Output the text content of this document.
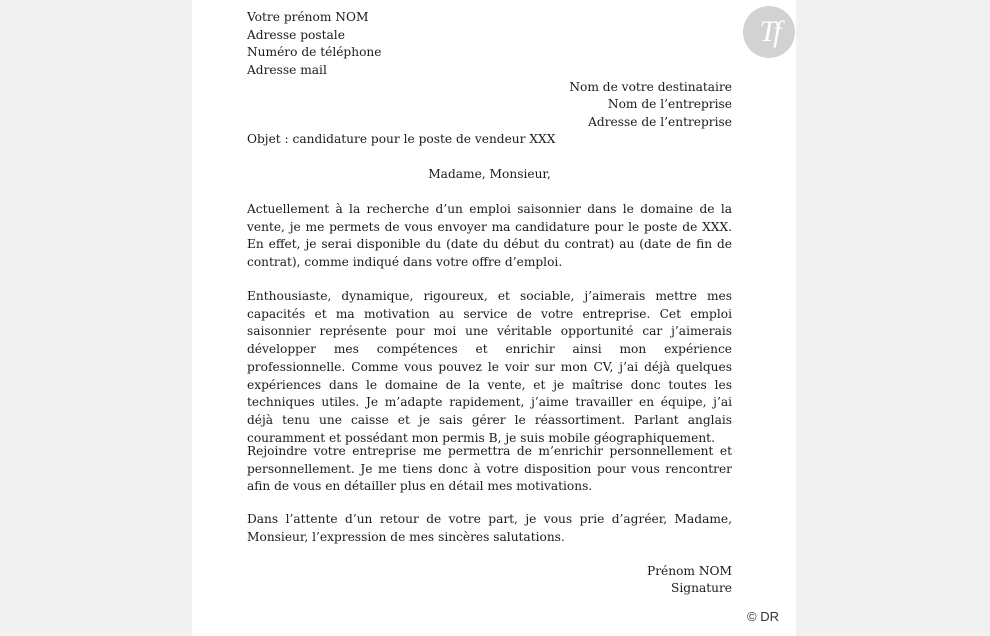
Tf
Votre prénom NOM
Adresse postale
Numéro de téléphone
Adresse mail
Nom de votre destinataire
Nom de l’entreprise
Adresse de l’entreprise
Objet : candidature pour le poste de vendeur XXX
Madame, Monsieur,
Actuellement à la recherche d’un emploi saisonnier dans le domaine de la vente, je me permets de vous envoyer ma candidature pour le poste de XXX. En effet, je serai disponible du (date du début du contrat) au (date de fin de contrat), comme indiqué dans votre offre d’emploi.
Enthousiaste, dynamique, rigoureux, et sociable, j’aimerais mettre mes capacités et ma motivation au service de votre entreprise. Cet emploi saisonnier représente pour moi une véritable opportunité car j’aimerais développer mes compétences et enrichir ainsi mon expérience professionnelle. Comme vous pouvez le voir sur mon CV, j’ai déjà quelques expériences dans le domaine de la vente, et je maîtrise donc toutes les techniques utiles. Je m’adapte rapidement, j’aime travailler en équipe, j’ai déjà tenu une caisse et je sais gérer le réassortiment. Parlant anglais couramment et possédant mon permis B, je suis mobile géographiquement.
Rejoindre votre entreprise me permettra de m’enrichir personnellement et personnellement. Je me tiens donc à votre disposition pour vous rencontrer afin de vous en détailler plus en détail mes motivations.
Dans l’attente d’un retour de votre part, je vous prie d’agréer, Madame, Monsieur, l’expression de mes sincères salutations.
Prénom NOM
Signature
© DR
